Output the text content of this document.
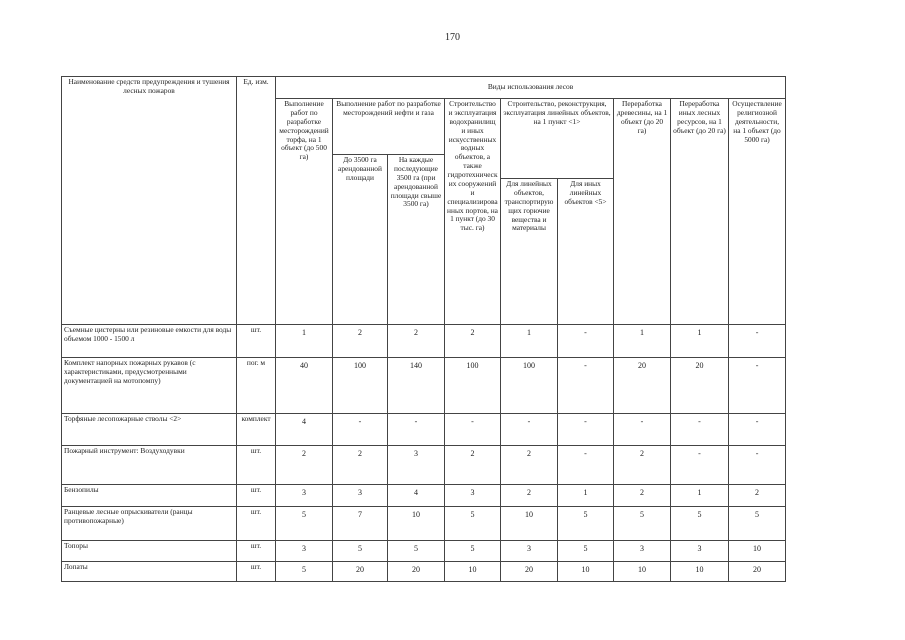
170
Наименование средств предупреждения и тушения лесных пожаров	Ед. изм.	Виды использования лесов								
		Выполнение работ по разработке месторождений торфа, на 1 объект (до 500 га)	Выполнение работ по разработке месторождений нефти и газа		Строительство и эксплуатация водохранилищ и иных искусственных водных объектов, а также гидротехнических сооружений и специализированных портов, на 1 пункт (до 30 тыс. га)	Строительство, реконструкция, эксплуатация линейных объектов, на 1 пункт <1>		Переработка древесины, на 1 объект (до 20 га)	Переработка иных лесных ресурсов, на 1 объект (до 20 га)	Осуществление религиозной деятельности, на 1 объект (до 5000 га)
			До 3500 га арендованной площади	На каждые последующие 3500 га (при арендованной площади свыше 3500 га)						
						Для линейных объектов, транспортирующих горючие вещества и материалы	Для иных линейных объектов <5>			
Съемные цистерны или резиновые емкости для воды объемом 1000 - 1500 л	шт.	1	2	2	2	1	-	1	1	-
Комплект напорных пожарных рукавов (с характеристиками, предусмотренными документацией на мотопомпу)	пог. м	40	100	140	100	100	-	20	20	-
Торфяные лесопожарные стволы <2>	комплект	4	-	-	-	-	-	-	-	-
Пожарный инструмент: Воздуходувки	шт.	2	2	3	2	2	-	2	-	-
Бензопилы	шт.	3	3	4	3	2	1	2	1	2
Ранцевые лесные опрыскиватели (ранцы противопожарные)	шт.	5	7	10	5	10	5	5	5	5
Топоры	шт.	3	5	5	5	3	5	3	3	10
Лопаты	шт.	5	20	20	10	20	10	10	10	20
